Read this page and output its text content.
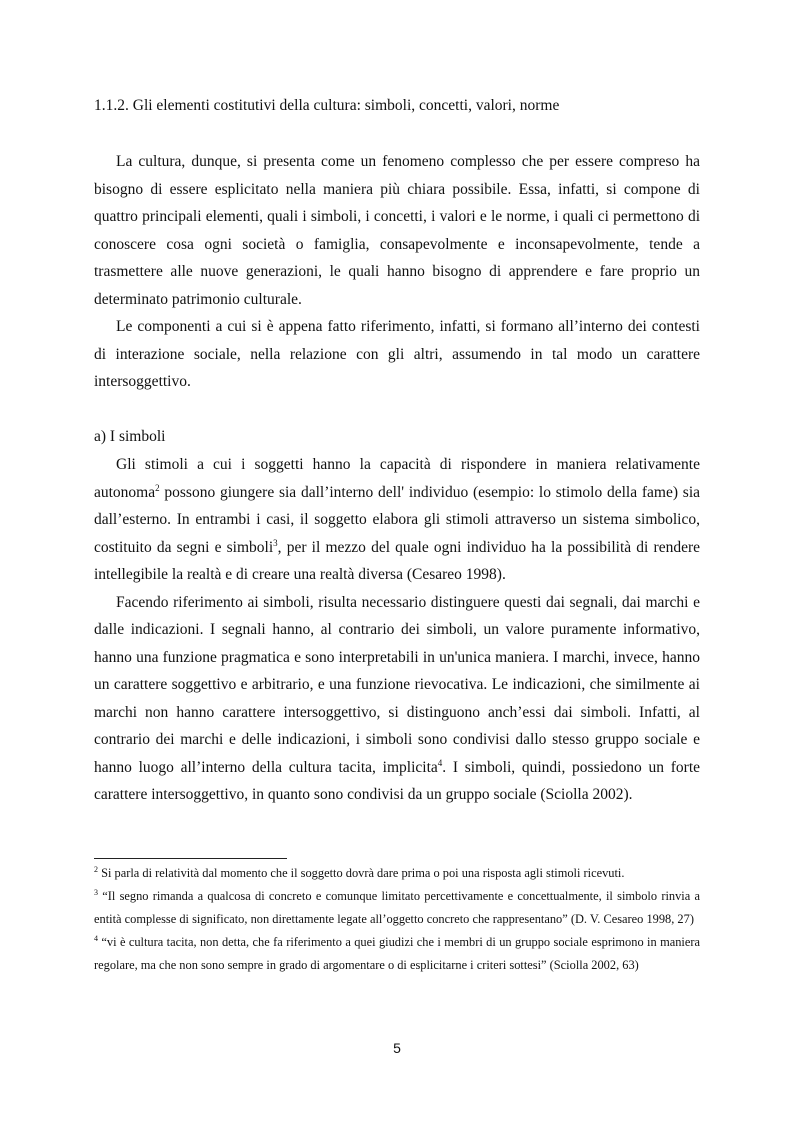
1.1.2. Gli elementi costitutivi della cultura: simboli, concetti, valori, norme

La cultura, dunque, si presenta come un fenomeno complesso che per essere compreso ha bisogno di essere esplicitato nella maniera più chiara possibile. Essa, infatti, si compone di quattro principali elementi, quali i simboli, i concetti, i valori e le norme, i quali ci permettono di conoscere cosa ogni società o famiglia, consapevolmente e inconsapevolmente, tende a trasmettere alle nuove generazioni, le quali hanno bisogno di apprendere e fare proprio un determinato patrimonio culturale.

Le componenti a cui si è appena fatto riferimento, infatti, si formano all’interno dei contesti di interazione sociale, nella relazione con gli altri, assumendo in tal modo un carattere intersoggettivo.

a) I simboli

Gli stimoli a cui i soggetti hanno la capacità di rispondere in maniera relativamente autonoma$^2$ possono giungere sia dall’interno dell' individuo (esempio: lo stimolo della fame) sia dall’esterno. In entrambi i casi, il soggetto elabora gli stimoli attraverso un sistema simbolico, costituito da segni e simboli$^3$, per il mezzo del quale ogni individuo ha la possibilità di rendere intellegibile la realtà e di creare una realtà diversa (Cesareo 1998).

Facendo riferimento ai simboli, risulta necessario distinguere questi dai segnali, dai marchi e dalle indicazioni. I segnali hanno, al contrario dei simboli, un valore puramente informativo, hanno una funzione pragmatica e sono interpretabili in un'unica maniera. I marchi, invece, hanno un carattere soggettivo e arbitrario, e una funzione rievocativa. Le indicazioni, che similmente ai marchi non hanno carattere intersoggettivo, si distinguono anch’essi dai simboli. Infatti, al contrario dei marchi e delle indicazioni, i simboli sono condivisi dallo stesso gruppo sociale e hanno luogo all’interno della cultura tacita, implicita$^4$. I simboli, quindi, possiedono un forte carattere intersoggettivo, in quanto sono condivisi da un gruppo sociale (Sciolla 2002).

$^2$ Si parla di relatività dal momento che il soggetto dovrà dare prima o poi una risposta agli stimoli ricevuti.

$^3$ “Il segno rimanda a qualcosa di concreto e comunque limitato percettivamente e concettualmente, il simbolo rinvia a entità complesse di significato, non direttamente legate all’oggetto concreto che rappresentano” (D. V. Cesareo 1998, 27)

$^4$ “vi è cultura tacita, non detta, che fa riferimento a quei giudizi che i membri di un gruppo sociale esprimono in maniera regolare, ma che non sono sempre in grado di argomentare o di esplicitarne i criteri sottesi” (Sciolla 2002, 63)

5
